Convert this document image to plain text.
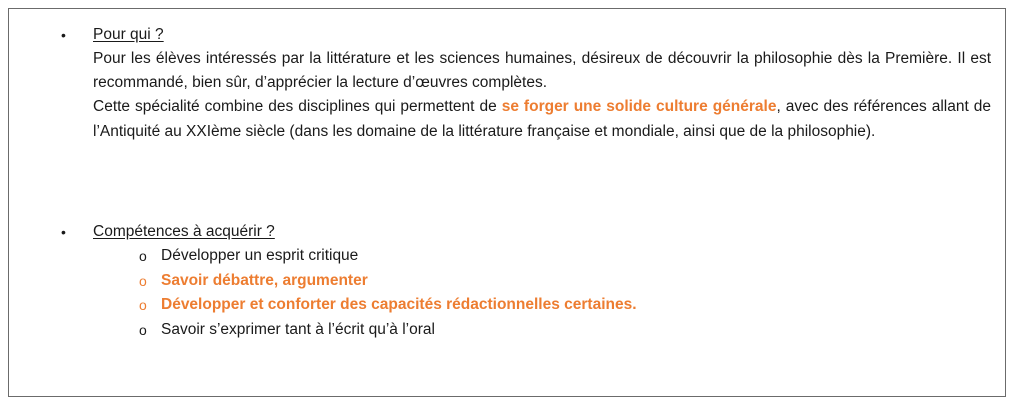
• Pour qui ?

Pour les élèves intéressés par la littérature et les sciences humaines, désireux de découvrir la philosophie dès la Première. Il est recommandé, bien sûr, d’apprécier la lecture d’œuvres complètes.

Cette spécialité combine des disciplines qui permettent de se forger une solide culture générale, avec des références allant de l’Antiquité au XXIème siècle (dans les domaine de la littérature française et mondiale, ainsi que de la philosophie).

• Compétences à acquérir ?
o Développer un esprit critique
o Savoir débattre, argumenter
o Développer et conforter des capacités rédactionnelles certaines.
o Savoir s’exprimer tant à l’écrit qu’à l’oral
